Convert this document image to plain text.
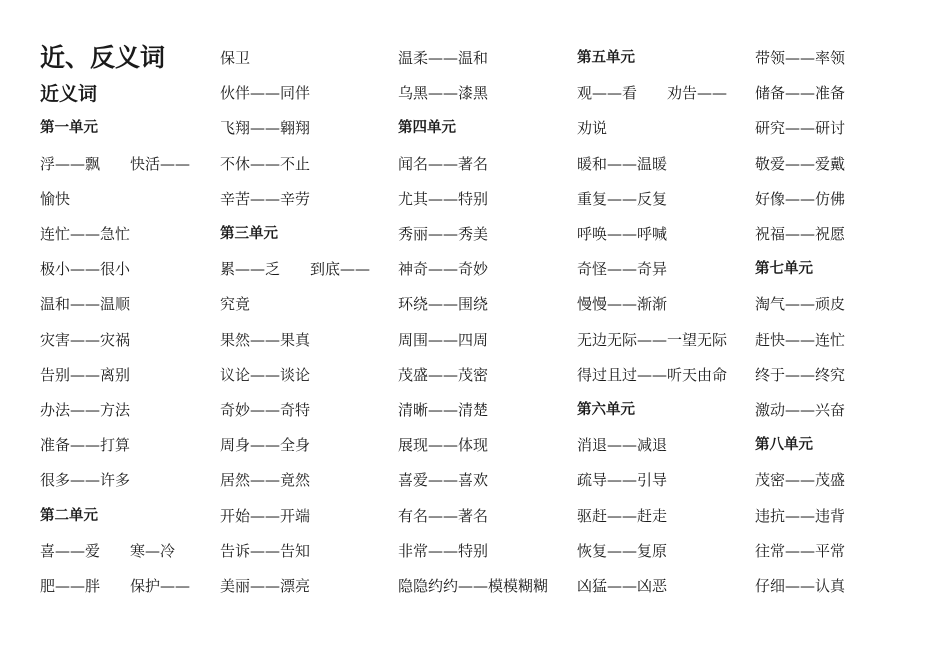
近、反义词
近义词
第一单元
浮——飘　　快活——
愉快
连忙——急忙
极小——很小
温和——温顺
灾害——灾祸
告别——离别
办法——方法
准备——打算
很多——许多
第二单元
喜——爱　　寒—冷
肥——胖　　保护——
保卫
伙伴——同伴
飞翔——翱翔
不休——不止
辛苦——辛劳
第三单元
累——乏　　到底——
究竟
果然——果真
议论——谈论
奇妙——奇特
周身——全身
居然——竟然
开始——开端
告诉——告知
美丽——漂亮
温柔——温和
乌黑——漆黑
第四单元
闻名——著名
尤其——特别
秀丽——秀美
神奇——奇妙
环绕——围绕
周围——四周
茂盛——茂密
清晰——清楚
展现——体现
喜爱——喜欢
有名——著名
非常——特别
隐隐约约——模模糊糊
第五单元
观——看　　劝告——
劝说
暖和——温暖
重复——反复
呼唤——呼喊
奇怪——奇异
慢慢——渐渐
无边无际——一望无际
得过且过——听天由命
第六单元
消退——减退
疏导——引导
驱赶——赶走
恢复——复原
凶猛——凶恶
带领——率领
储备——准备
研究——研讨
敬爱——爱戴
好像——仿佛
祝福——祝愿
第七单元
淘气——顽皮
赶快——连忙
终于——终究
激动——兴奋
第八单元
茂密——茂盛
违抗——违背
往常——平常
仔细——认真
